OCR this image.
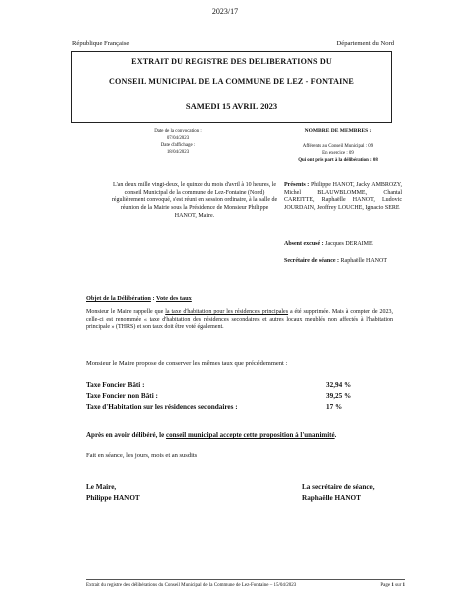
2023/17
République Française	Département du Nord
EXTRAIT DU REGISTRE DES DELIBERATIONS DU
CONSEIL MUNICIPAL DE LA COMMUNE DE LEZ - FONTAINE
SAMEDI 15 AVRIL 2023
Date de la convocation :
07/04/2023
Date d'affichage :
18/04/2023
NOMBRE DE MEMBRES :
Afférents au Conseil Municipal : 09
En exercice : 09
Qui ont pris part à la délibération : 08
L'an deux mille vingt-deux, le quinze du mois d'avril à 10 heures, le conseil Municipal de la commune de Lez-Fontaine (Nord) régulièrement convoqué, s'est réuni en session ordinaire, à la salle de réunion de la Mairie sous la Présidence de Monsieur Philippe HANOT, Maire.
Présents : Philippe HANOT, Jacky AMBROZY, Michel BLAUWBLOMME, Chantal CAREITTE, Raphaëlle HANOT, Ludovic JOURDAIN, Jeoffrey LOUCHE, Ignacio SERE
Absent excusé : Jacques DERAIME
Secrétaire de séance : Raphaëlle HANOT
Objet de la Délibération : Vote des taux
Monsieur le Maire rappelle que la taxe d'habitation pour les résidences principales a été supprimée. Mais à compter de 2023, celle-ci est renommée « taxe d'habitation des résidences secondaires et autres locaux meublés non affectés à l'habitation principale » (THRS) et son taux doit être voté également.
Monsieur le Maire propose de conserver les mêmes taux que précédemment :
Taxe Foncier Bâti :	32,94 %
Taxe Foncier non Bâti :	39,25 %
Taxe d'Habitation sur les résidences secondaires :	17 %
Après en avoir délibéré, le conseil municipal accepte cette proposition à l'unanimité.
Fait en séance, les jours, mois et an susdits
Le Maire,
Philippe HANOT
La secrétaire de séance,
Raphaëlle HANOT
Extrait du registre des délibérations du Conseil Municipal de la Commune de Lez-Fontaine – 15/04/2023	Page 1 sur 1
